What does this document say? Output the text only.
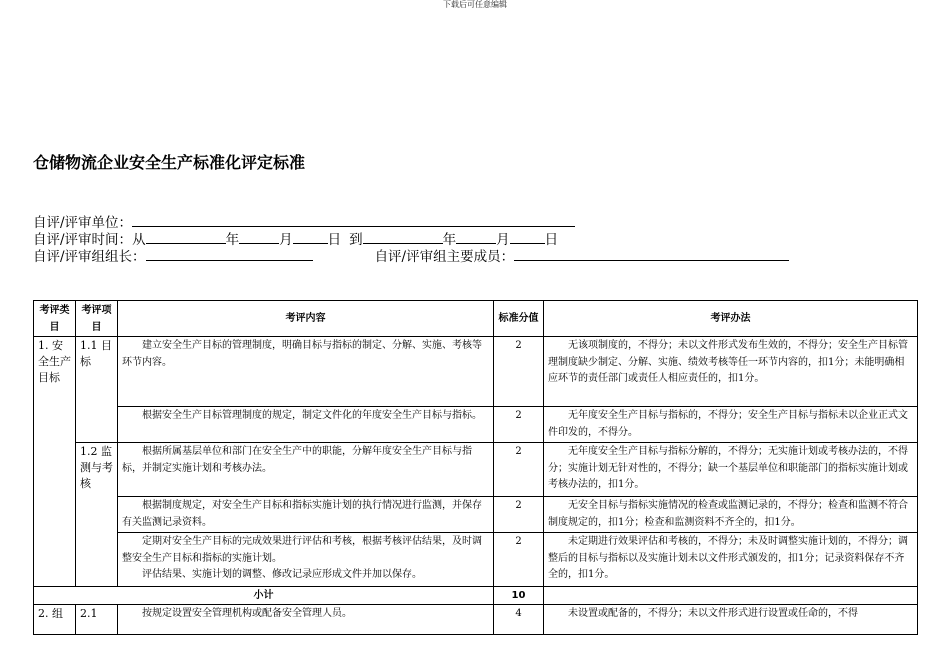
下载后可任意编辑
仓储物流企业安全生产标准化评定标准
自评/评审单位：
自评/评审时间：从	年	月	日 到	年	月	日
自评/评审组组长：	自评/评审组主要成员：
考评类目	考评项目	考评内容	标准分值	考评办法
1. 安全生产目标	1.1 目标	建立安全生产目标的管理制度，明确目标与指标的制定、分解、实施、考核等环节内容。	2	无该项制度的，不得分；未以文件形式发布生效的，不得分；安全生产目标管理制度缺少制定、分解、实施、绩效考核等任一环节内容的，扣1分；未能明确相应环节的责任部门或责任人相应责任的，扣1分。

		根据安全生产目标管理制度的规定，制定文件化的年度安全生产目标与指标。	2	无年度安全生产目标与指标的，不得分；安全生产目标与指标未以企业正式文件印发的，不得分。

	1.2 监测与考核	根据所属基层单位和部门在安全生产中的职能，分解年度安全生产目标与指标，并制定实施计划和考核办法。	2	无年度安全生产目标与指标分解的，不得分；无实施计划或考核办法的，不得分；实施计划无针对性的，不得分；缺一个基层单位和职能部门的指标实施计划或考核办法的，扣1分。

		根据制度规定，对安全生产目标和指标实施计划的执行情况进行监测，并保存有关监测记录资料。	2	无安全目标与指标实施情况的检查或监测记录的，不得分；检查和监测不符合制度规定的，扣1分；检查和监测资料不齐全的，扣1分。

		定期对安全生产目标的完成效果进行评估和考核，根据考核评估结果，及时调整安全生产目标和指标的实施计划。
评估结果、实施计划的调整、修改记录应形成文件并加以保存。	2	未定期进行效果评估和考核的，不得分；未及时调整实施计划的，不得分；调整后的目标与指标以及实施计划未以文件形式颁发的，扣1分；记录资料保存不齐全的，扣1分。

小计			10	
2. 组	2.1	按规定设置安全管理机构或配备安全管理人员。	4	未设置或配备的，不得分；未以文件形式进行设置或任命的，不得
